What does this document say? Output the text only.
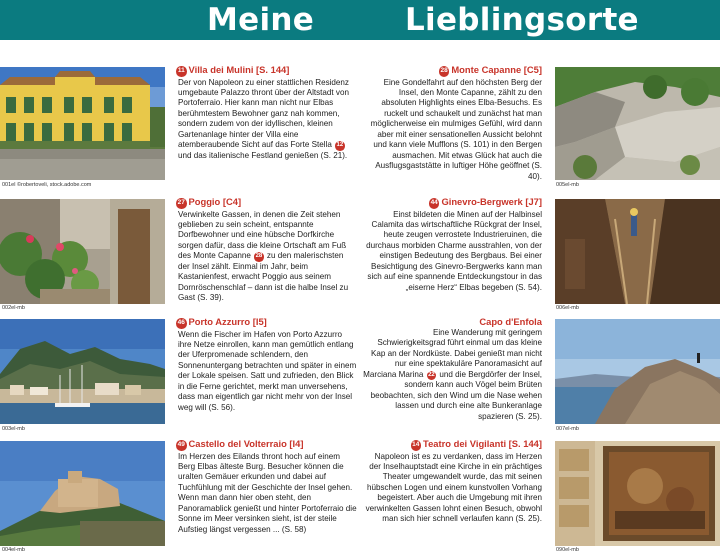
Meine	Lieblingsorte
001el ©robertoveli, stock.adobe.com
11 Villa dei Mulini [S. 144]

Der von Napoleon zu einer stattlichen Residenz umgebaute Palazzo thront über der Altstadt von Portoferraio. Hier kann man nicht nur Elbas berühmtestem Bewohner ganz nah kommen, sondern zudem von der idyllischen, kleinen Gartenanlage hinter der Villa eine atemberaubende Sicht auf das Forte Stella 12 und das italienische Festland genießen (S. 21).

002el-mb
27 Poggio [C4]

Verwinkelte Gassen, in denen die Zeit stehen geblieben zu sein scheint, entspannte Dorfbewohner und eine hübsche Dorfkirche sorgen dafür, dass die kleine Ortschaft am Fuß des Monte Capanne 28 zu den malerischsten der Insel zählt. Einmal im Jahr, beim Kastanienfest, erwacht Poggio aus seinem Dornröschenschlaf – dann ist die halbe Insel zu Gast (S. 39).

003el-mb
46 Porto Azzurro [I5]

Wenn die Fischer im Hafen von Porto Azzurro ihre Netze einrollen, kann man gemütlich entlang der Uferpromenade schlendern, den Sonnenuntergang betrachten und später in einem der Lokale speisen. Satt und zufrieden, den Blick in die Ferne gerichtet, merkt man unversehens, dass man eigentlich gar nicht mehr von der Insel weg will (S. 56).

004el-mb
49 Castello del Volterraio [I4]

Im Herzen des Eilands thront hoch auf einem Berg Elbas älteste Burg. Besucher können die uralten Gemäuer erkunden und dabei auf Tuchfühlung mit der Geschichte der Insel gehen. Wenn man dann hier oben steht, den Panoramablick genießt und hinter Portoferraio die Sonne im Meer versinken sieht, ist der steile Aufstieg längst vergessen ... (S. 58)

28 Monte Capanne [C5]

Eine Gondelfahrt auf den höchsten Berg der Insel, den Monte Capanne, zählt zu den absoluten Highlights eines Elba-Besuchs. Es ruckelt und schaukelt und zunächst hat man möglicherweise ein mulmiges Gefühl, wird dann aber mit einer sensationellen Aussicht belohnt und kann viele Mufflons (S. 101) in den Bergen ausmachen. Mit etwas Glück hat auch die Ausflugsgaststätte in luftiger Höhe geöffnet (S. 40).

005el-mb
44 Ginevro-Bergwerk [J7]

Einst bildeten die Minen auf der Halbinsel Calamita das wirtschaftliche Rückgrat der Insel, heute zeugen verrostete Industrieruinen, die durchaus morbiden Charme ausstrahlen, von der einstigen Bedeutung des Bergbaus. Bei einer Besichtigung des Ginevro-Bergwerks kann man sich auf eine spannende Entdeckungstour in das „eiserne Herz“ Elbas begeben (S. 54).

006el-mb
Capo d'Enfola

Eine Wanderung mit geringem Schwierigkeitsgrad führt einmal um das kleine Kap an der Nordküste. Dabei genießt man nicht nur eine spektakuläre Panoramasicht auf Marciana Marina 22 und die Bergdörfer der Insel, sondern kann auch Vögel beim Brüten beobachten, sich den Wind um die Nase wehen lassen und durch eine alte Bunkeranlage spazieren (S. 25).

007el-mb
14 Teatro dei Vigilanti [S. 144]

Napoleon ist es zu verdanken, dass im Herzen der Inselhauptstadt eine Kirche in ein prächtiges Theater umgewandelt wurde, das mit seinen hübschen Logen und einem kunstvollen Vorhang begeistert. Aber auch die Umgebung mit ihren verwinkelten Gassen lohnt einen Besuch, obwohl man sich hier schnell verlaufen kann (S. 25).

090el-mb
